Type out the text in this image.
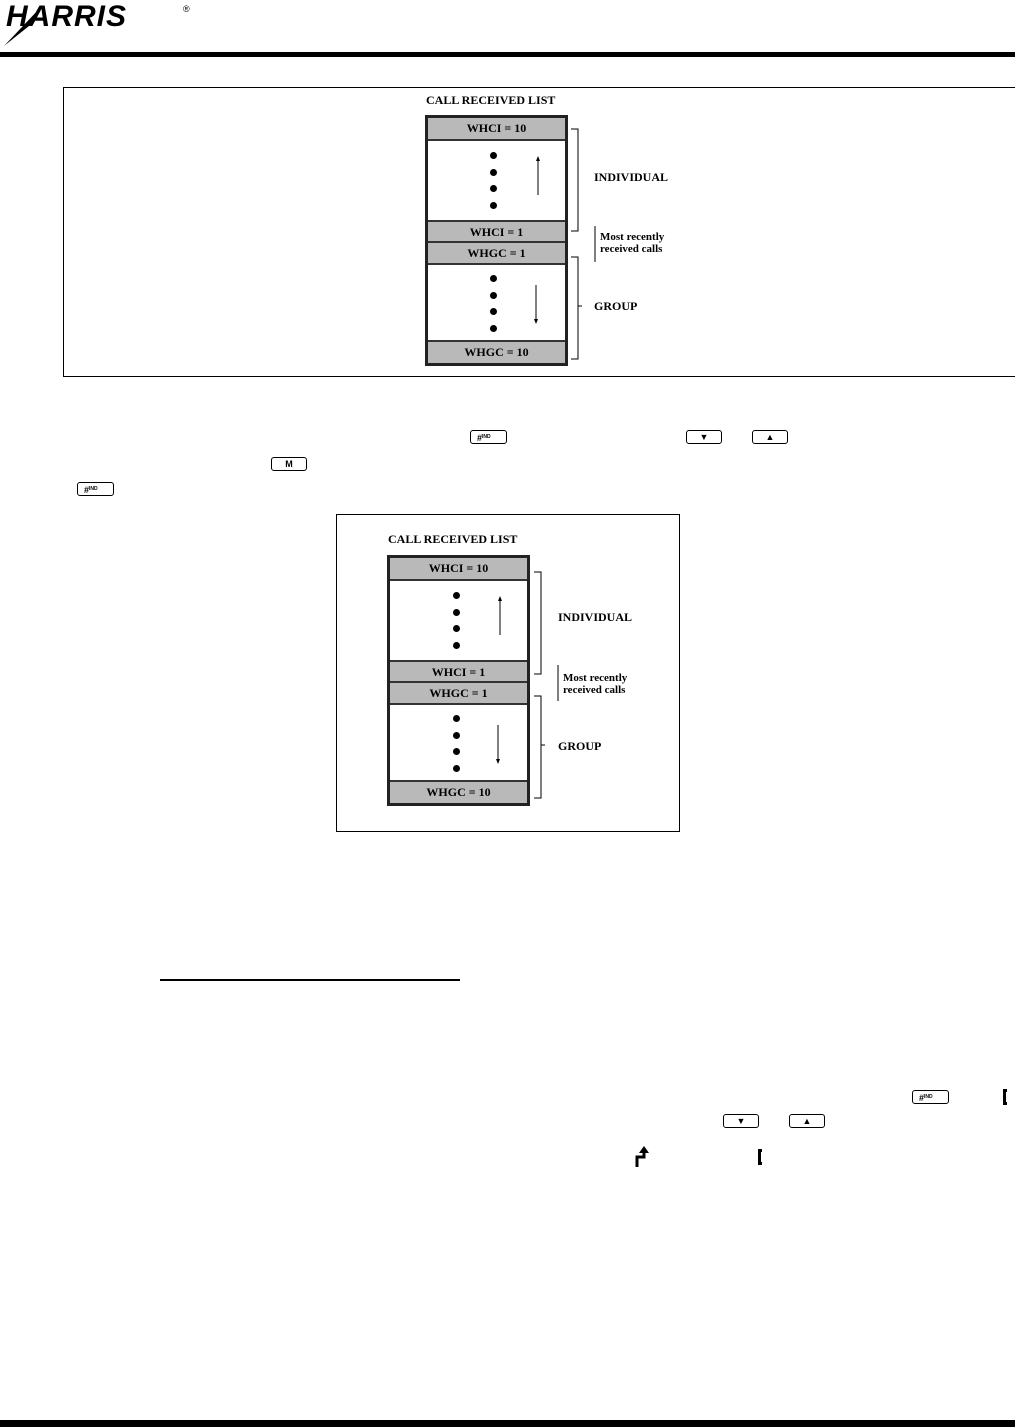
HARRIS	®
CALL RECEIVED LIST
WHCI = 10
WHCI = 1
WHGC = 1
WHGC = 10
INDIVIDUAL
Most recently
received calls
GROUP
#$^{IND}$	▼	▲
M
#$^{IND}$
CALL RECEIVED LIST
WHCI = 10
WHCI = 1
WHGC = 1
WHGC = 10
INDIVIDUAL
Most recently
received calls
GROUP
#$^{IND}$
▼	▲
